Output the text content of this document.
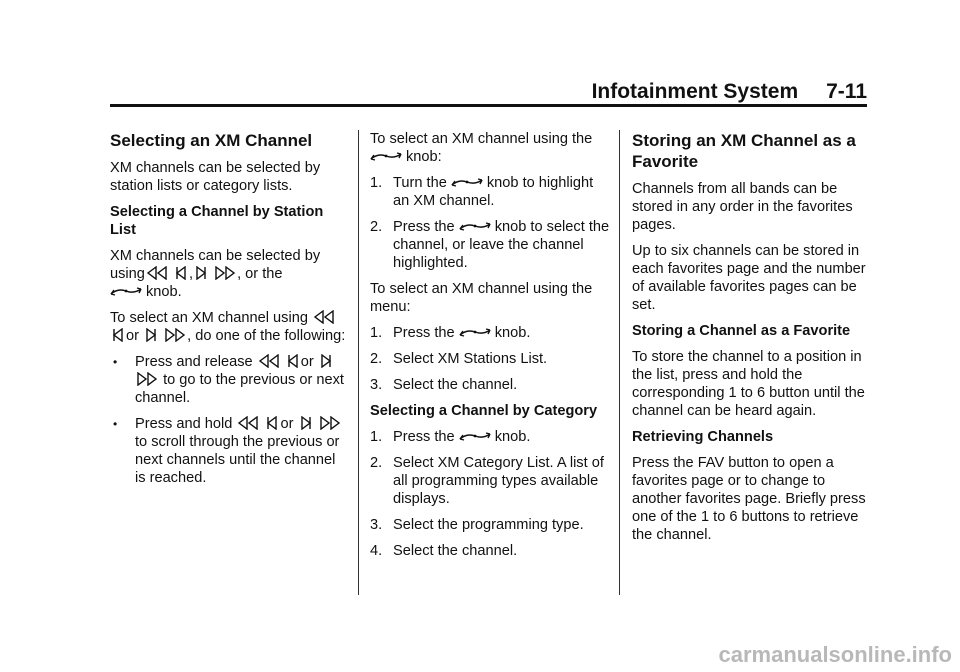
Infotainment System 7-11
Selecting an XM Channel

XM channels can be selected by station lists or category lists.

Selecting a Channel by Station List

XM channels can be selected by
using	,	, or the
knob.

To select an XM channel using
or	, do one of the following:

•	Press and release	or
to go to the previous or next channel.
•	Press and hold	or
to scroll through the previous or next channels until the channel is reached.

To select an XM channel using the
knob:

1. Turn the	knob to highlight an XM channel.
2. Press the	knob to select the channel, or leave the channel highlighted.

To select an XM channel using the menu:

1. Press the	knob.
2. Select XM Stations List.
3. Select the channel.

Selecting a Channel by Category

1. Press the	knob.
2. Select XM Category List. A list of all programming types available displays.
3. Select the programming type.
4. Select the channel.
Storing an XM Channel as a Favorite

Channels from all bands can be stored in any order in the favorites pages.

Up to six channels can be stored in each favorites page and the number of available favorites pages can be set.

Storing a Channel as a Favorite

To store the channel to a position in the list, press and hold the corresponding 1 to 6 button until the channel can be heard again.

Retrieving Channels

Press the FAV button to open a favorites page or to change to another favorites page. Briefly press one of the 1 to 6 buttons to retrieve the channel.

carmanualsonline.info
